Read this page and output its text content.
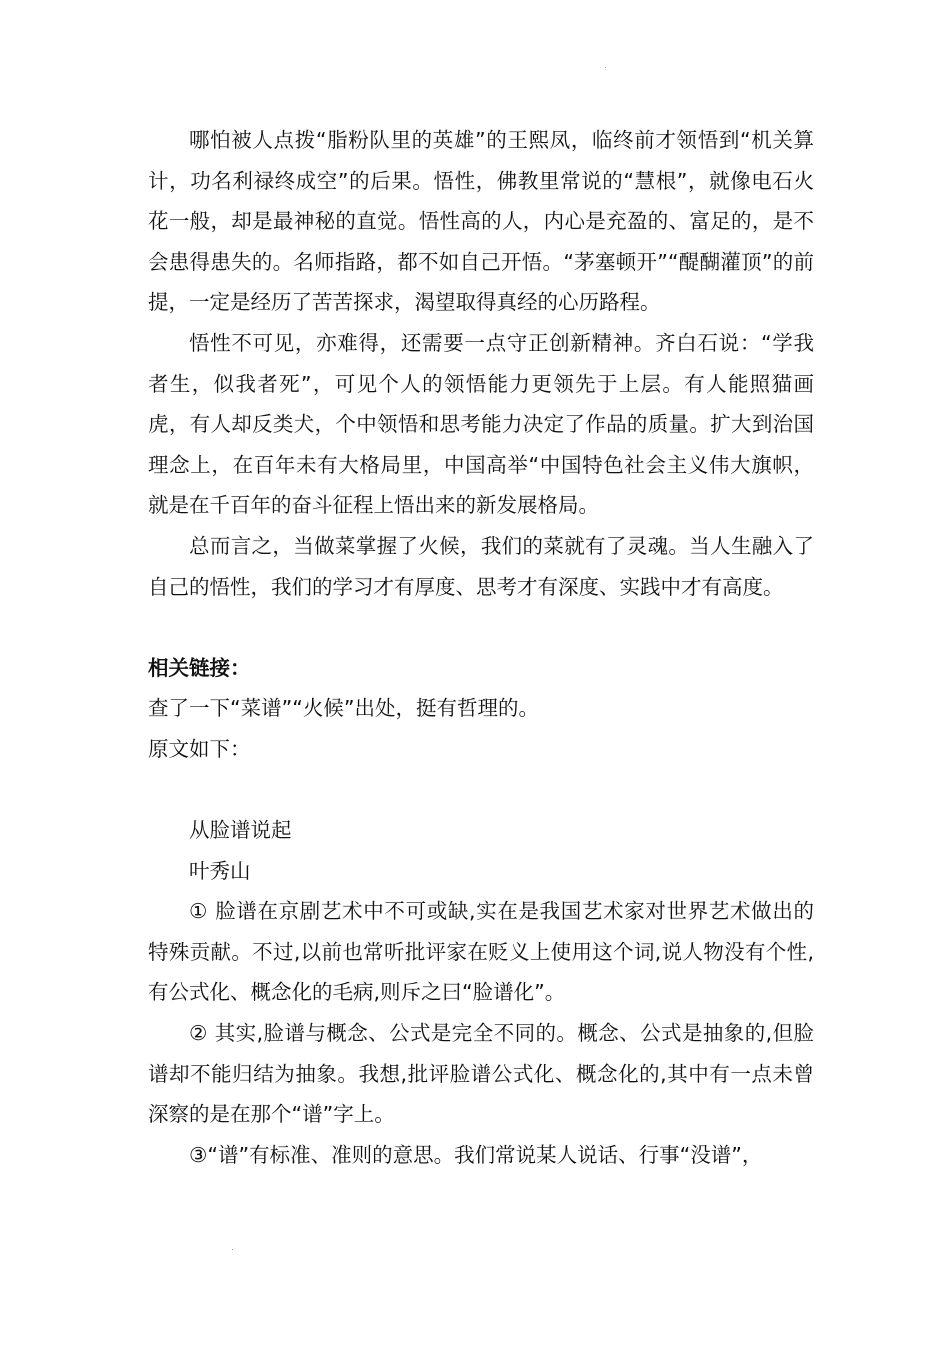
哪怕被人点拨“脂粉队里的英雄”的王熙凤，临终前才领悟到“机关算计，功名利禄终成空”的后果。悟性，佛教里常说的“慧根”，就像电石火花一般，却是最神秘的直觉。悟性高的人，内心是充盈的、富足的，是不会患得患失的。名师指路，都不如自己开悟。“茅塞顿开”“醍醐灌顶”的前提，一定是经历了苦苦探求，渴望取得真经的心历路程。

悟性不可见，亦难得，还需要一点守正创新精神。齐白石说：“学我者生，似我者死”，可见个人的领悟能力更领先于上层。有人能照猫画虎，有人却反类犬，个中领悟和思考能力决定了作品的质量。扩大到治国理念上，在百年未有大格局里，中国高举“中国特色社会主义伟大旗帜，就是在千百年的奋斗征程上悟出来的新发展格局。

总而言之，当做菜掌握了火候，我们的菜就有了灵魂。当人生融入了自己的悟性，我们的学习才有厚度、思考才有深度、实践中才有高度。

相关链接：

查了一下“菜谱”“火候”出处，挺有哲理的。

原文如下：

从脸谱说起

叶秀山

① 脸谱在京剧艺术中不可或缺,实在是我国艺术家对世界艺术做出的特殊贡献。不过,以前也常听批评家在贬义上使用这个词,说人物没有个性,有公式化、概念化的毛病,则斥之曰“脸谱化”。

② 其实,脸谱与概念、公式是完全不同的。概念、公式是抽象的,但脸谱却不能归结为抽象。我想,批评脸谱公式化、概念化的,其中有一点未曾深察的是在那个“谱”字上。

③“谱”有标准、准则的意思。我们常说某人说话、行事“没谱”，
